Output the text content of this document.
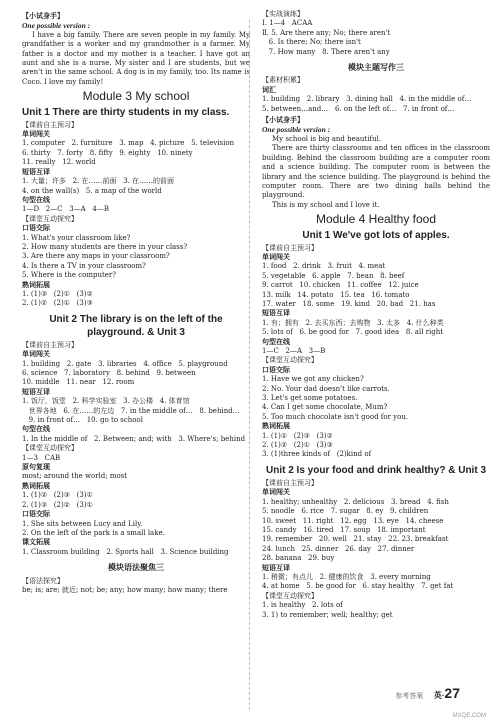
【小试身手】
One possible version :
I have a big family. There are seven people in my family. My grandfather is a worker and my grandmother is a farmer. My father is a doctor and my mother is a teacher. I have got an aunt and she is a nurse. My sister and I are students, but we aren't in the same school. A dog is in my family, too. Its name is Coco. I love my family!
Module 3 My school
Unit 1 There are thirty students in my class.
【课前自主预习】
单词闯关
1. computer   2. furniture   3. map   4. picture   5. television
6. thirty   7. forty   8. fifty   9. eighty   10. ninety
11. really   12. world
短语互译
1. 大量；许多   2. 在……前面   3. 在……的前面
4. on the wall(s)   5. a map of the world
句型在线
1—D   2—C   3—A   4—B
【课堂互动探究】
口语交际
1. What's your classroom like?
2. How many students are there in your class?
3. Are there any maps in your classroom?
4. Is there a TV in your classroom?
5. Where is the computer?
熟词拓展
1. (1)③   (2)①   (3)②
2. (1)②   (2)①   (3)③
Unit 2 The library is on the left of the playground. & Unit 3
【课前自主预习】
单词闯关
1. building   2. gate   3. libraries   4. office   5. playground
6. science   7. laboratory   8. behind   9. between
10. middle   11. near   12. room
短语互译
1. 饭厅，饭堂   2. 科学实验室   3. 办公楼   4. 体育馆
世界各地   6. 在……的左边   7. in the middle of…   8. behind…
9. in front of…   10. go to school
句型在线
1. In the middle of   2. Between; and; with   3. Where's; behind
【课堂互动探究】
1—3   CAB
原句复现
most; around the world; most
熟词拓展
1. (1)②   (2)③   (3)①
2. (1)③   (2)②   (3)①
口语交际
1. She sits between Lucy and Lily.
2. On the left of the park is a small lake.
课文拓展
1. Classroom building   2. Sports hall   3. Science building
模块语法聚焦三
【语法探究】
be; is; are; 就近; not; be; any; how many; how many; there
【实战演练】
Ⅰ. 1—4   ACAA
Ⅱ. 5. Are there any; No; there aren't
6. Is there; No; there isn't
7. How many   8. There aren't any
模块主题写作三
【素材积累】
词汇
1. building   2. library   3. dining hall   4. in the middle of…
5. between…and…   6. on the left of…   7. in front of…
【小试身手】
One possible version :
My school is big and beautiful.
There are thirty classrooms and ten offices in the classroom building. Behind the classroom building are a computer room and a science building. The computer room is between the library and the science building. The playground is behind the computer room. There are two dining balls behind the playground.
This is my school and I love it.
Module 4 Healthy food
Unit 1 We've got lots of apples.
【课前自主预习】
单词闯关
1. food   2. drink   3. fruit   4. meat
5. vegetable   6. apple   7. bean   8. beef
9. carrot   10. chicken   11. coffee   12. juice
13. milk   14. potato   15. tea   16. tomato
17. water   18. some   19. kind   20. bad   21. has
短语互译
1. 有；拥有   2. 去买东西；去购物   3. 太多   4. 什么种类
5. lots of   6. be good for   7. good idea   8. all right
句型在线
1—C   2—A   3—B
【课堂互动探究】
口语交际
1. Have we got any chicken?
2. No. Your dad doesn't like carrots.
3. Let's get some potatoes.
4. Can I get some chocolate, Mum?
5. Too much chocolate isn't good for you.
熟词拓展
1. (1)①   (2)③   (3)②
2. (1)②   (2)①   (3)③
3. (1)three kinds of   (2)kind of
Unit 2 Is your food and drink healthy? & Unit 3
【课前自主预习】
单词闯关
1. healthy; unhealthy   2. delicious   3. bread   4. fish
5. noodle   6. rice   7. sugar   8. ey   9. children
10. sweet   11. right   12. egg   13. eye   14. cheese
15. candy   16. tired   17. soup   18. important
19. remember   20. well   21. stay   22. 23. breakfast
24. lunch   25. dinner   26. day   27. dinner
28. banana   29. buy
短语互译
1. 稍微；有点儿   2. 健康的饮食   3. every morning
4. at home   5. be good for   6. stay healthy   7. get fat
【课堂互动探究】
1. is healthy   2. lots of
3. 1) to remember; well; healthy; get
参考答案 英·27
MXQE.COM
